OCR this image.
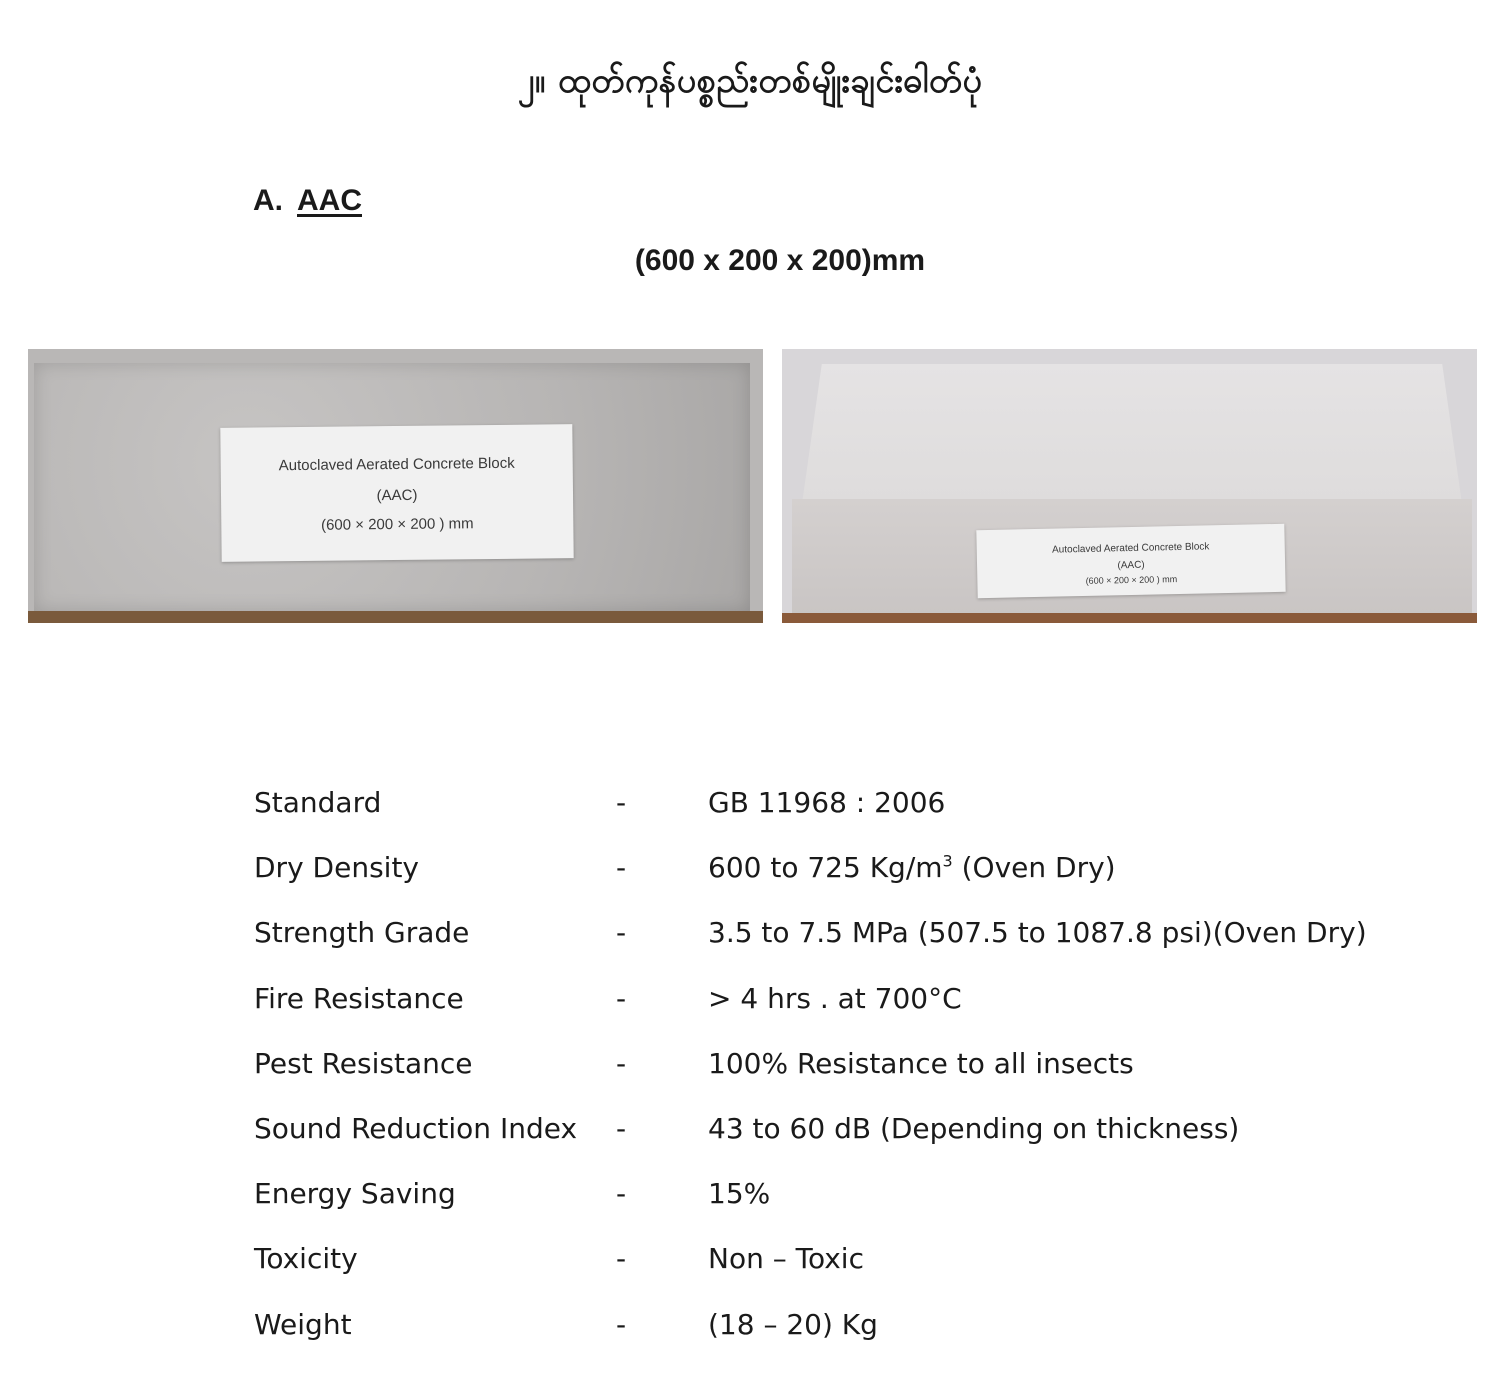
၂။ ထုတ်ကုန်ပစ္စည်းတစ်မျိုးချင်းဓါတ်ပုံ
A. AAC
(600 x 200 x 200)mm
Autoclaved Aerated Concrete Block
(AAC)
(600 × 200 × 200 ) mm
Autoclaved Aerated Concrete Block
(AAC)
(600 × 200 × 200 ) mm
Standard	-	GB 11968 : 2006
Dry Density	-	600 to 725 $Kg/m^3$ (Oven Dry)
Strength Grade	-	3.5 to 7.5 MPa (507.5 to 1087.8 psi)(Oven Dry)
Fire Resistance	-	> 4 hrs . at 700°C
Pest Resistance	-	100% Resistance to all insects
Sound Reduction Index -	43 to 60 dB (Depending on thickness)
Energy Saving	-	15%
Toxicity	-	Non – Toxic
Weight	-	(18 – 20) Kg
